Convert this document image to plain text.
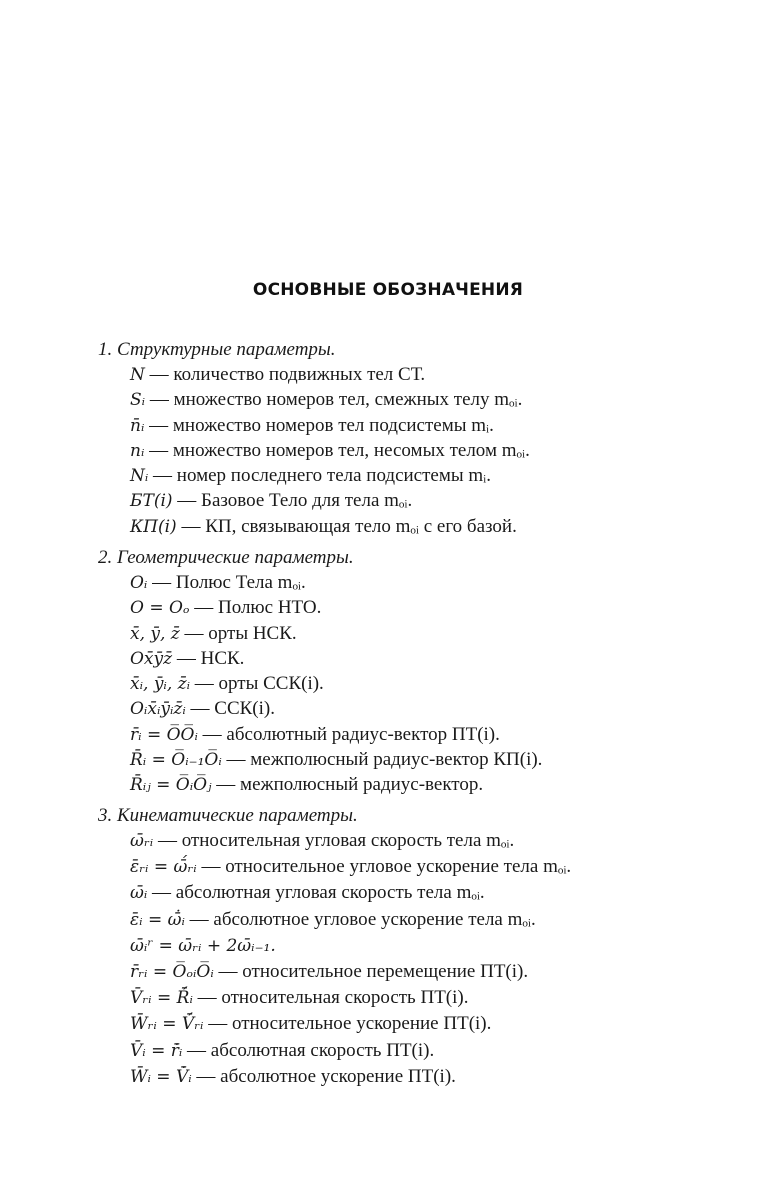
ОСНОВНЫЕ ОБОЗНАЧЕНИЯ
1. Структурные параметры.
N — количество подвижных тел СТ.
Sᵢ — множество номеров тел, смежных телу mₒᵢ.
n̄ᵢ — множество номеров тел подсистемы mᵢ.
nᵢ — множество номеров тел, несомых телом mₒᵢ.
Nᵢ — номер последнего тела подсистемы mᵢ.
БТ(i) — Базовое Тело для тела mₒᵢ.
КП(i) — КП, связывающая тело mₒᵢ с его базой.
2. Геометрические параметры.
Oᵢ — Полюс Тела mₒᵢ.
O = Oₒ — Полюс НТО.
x̄, ȳ, z̄ — орты НСК.
Ox̄ȳz̄ — НСК.
x̄ᵢ, ȳᵢ, z̄ᵢ — орты ССК(i).
Oᵢx̄ᵢȳᵢz̄ᵢ — ССК(i).
r̄ᵢ = O̅O̅ᵢ — абсолютный радиус-вектор ПТ(i).
R̄ᵢ = O̅ᵢ₋₁O̅ᵢ — межполюсный радиус-вектор КП(i).
R̄ᵢⱼ = O̅ᵢO̅ⱼ — межполюсный радиус-вектор.
3. Кинематические параметры.
ω̄ᵣᵢ — относительная угловая скорость тела mₒᵢ.
ε̄ᵣᵢ = ω̄́ᵣᵢ — относительное угловое ускорение тела mₒᵢ.
ω̄ᵢ — абсолютная угловая скорость тела mₒᵢ.
ε̄ᵢ = ω̄̇ᵢ — абсолютное угловое ускорение тела mₒᵢ.
ω̄ᵢʳ = ω̄ᵣᵢ + 2ω̄ᵢ₋₁.
r̄ᵣᵢ = O̅ₒᵢO̅ᵢ — относительное перемещение ПТ(i).
V̄ᵣᵢ = R̄́ᵢ — относительная скорость ПТ(i).
W̄ᵣᵢ = V̄́ᵣᵢ — относительное ускорение ПТ(i).
V̄ᵢ = r̄̇ᵢ — абсолютная скорость ПТ(i).
W̄ᵢ = V̄̇ᵢ — абсолютное ускорение ПТ(i).
